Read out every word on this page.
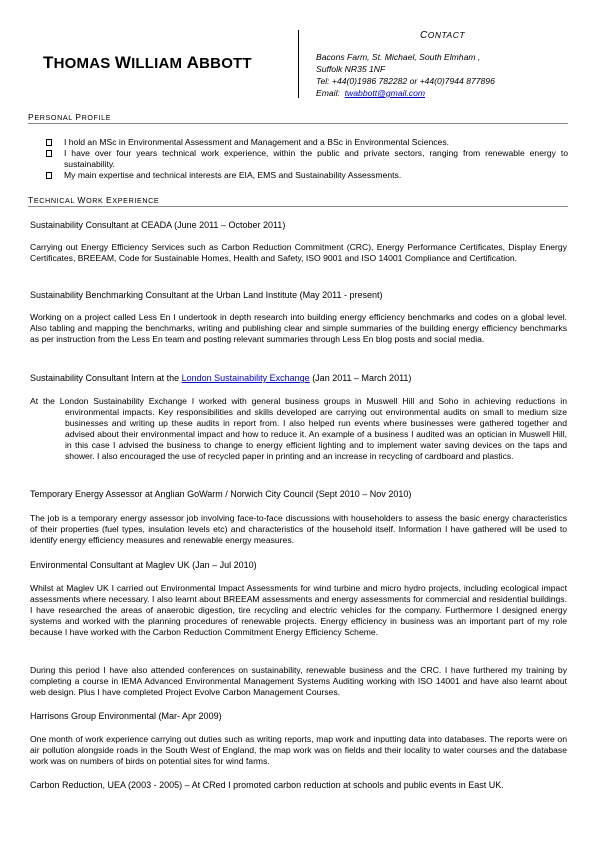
THOMAS WILLIAM ABBOTT
CONTACT
Bacons Farm, St. Michael, South Elmham ,
Suffolk NR35 1NF
Tel: +44(0)1986 782282 or +44(0)7944 877896
Email: twabbott@gmail.com
PERSONAL PROFILE
I hold an MSc in Environmental Assessment and Management and a BSc in Environmental Sciences.
I have over four years technical work experience, within the public and private sectors, ranging from renewable energy to sustainability.
My main expertise and technical interests are EIA, EMS and Sustainability Assessments.
TECHNICAL WORK EXPERIENCE
Sustainability Consultant at CEADA (June 2011 – October 2011)
Carrying out Energy Efficiency Services such as Carbon Reduction Commitment (CRC), Energy Performance Certificates, Display Energy Certificates, BREEAM, Code for Sustainable Homes, Health and Safety, ISO 9001 and ISO 14001 Compliance and Certification.
Sustainability Benchmarking Consultant at the Urban Land Institute (May 2011 - present)
Working on a project called Less En I undertook in depth research into building energy efficiency benchmarks and codes on a global level. Also tabling and mapping the benchmarks, writing and publishing clear and simple summaries of the building energy efficiency benchmarks as per instruction from the Less En team and posting relevant summaries through Less En blog posts and social media.
Sustainability Consultant Intern at the London Sustainability Exchange (Jan 2011 – March 2011)
At the London Sustainability Exchange I worked with general business groups in Muswell Hill and Soho in achieving reductions in environmental impacts. Key responsibilities and skills developed are carrying out environmental audits on small to medium size businesses and writing up these audits in report from. I also helped run events where businesses were gathered together and advised about their environmental impact and how to reduce it. An example of a business I audited was an optician in Muswell Hill, in this case I advised the business to change to energy efficient lighting and to implement water saving devices on the taps and shower. I also encouraged the use of recycled paper in printing and an increase in recycling of cardboard and plastics.
Temporary Energy Assessor at Anglian GoWarm / Norwich City Council (Sept 2010 – Nov 2010)
The job is a temporary energy assessor job involving face-to-face discussions with householders to assess the basic energy characteristics of their properties (fuel types, insulation levels etc) and characteristics of the household itself. Information I have gathered will be used to identify energy efficiency measures and renewable energy measures.
Environmental Consultant at Maglev UK (Jan – Jul 2010)
Whilst at Maglev UK I carried out Environmental Impact Assessments for wind turbine and micro hydro projects, including ecological impact assessments where necessary. I also learnt about BREEAM assessments and energy assessments for commercial and residential buildings. I have researched the areas of anaerobic digestion, tire recycling and electric vehicles for the company. Furthermore I designed energy systems and worked with the planning procedures of renewable projects. Energy efficiency in business was an important part of my role because I have worked with the Carbon Reduction Commitment Energy Efficiency Scheme.
During this period I have also attended conferences on sustainability, renewable business and the CRC. I have furthered my training by completing a course in IEMA Advanced Environmental Management Systems Auditing working with ISO 14001 and have also learnt about web design. Plus I have completed Project Evolve Carbon Management Courses.
Harrisons Group Environmental (Mar- Apr 2009)
One month of work experience carrying out duties such as writing reports, map work and inputting data into databases. The reports were on air pollution alongside roads in the South West of England, the map work was on fields and their locality to water courses and the database work was on numbers of birds on potential sites for wind farms.
Carbon Reduction, UEA (2003 - 2005) – At CRed I promoted carbon reduction at schools and public events in East UK.
